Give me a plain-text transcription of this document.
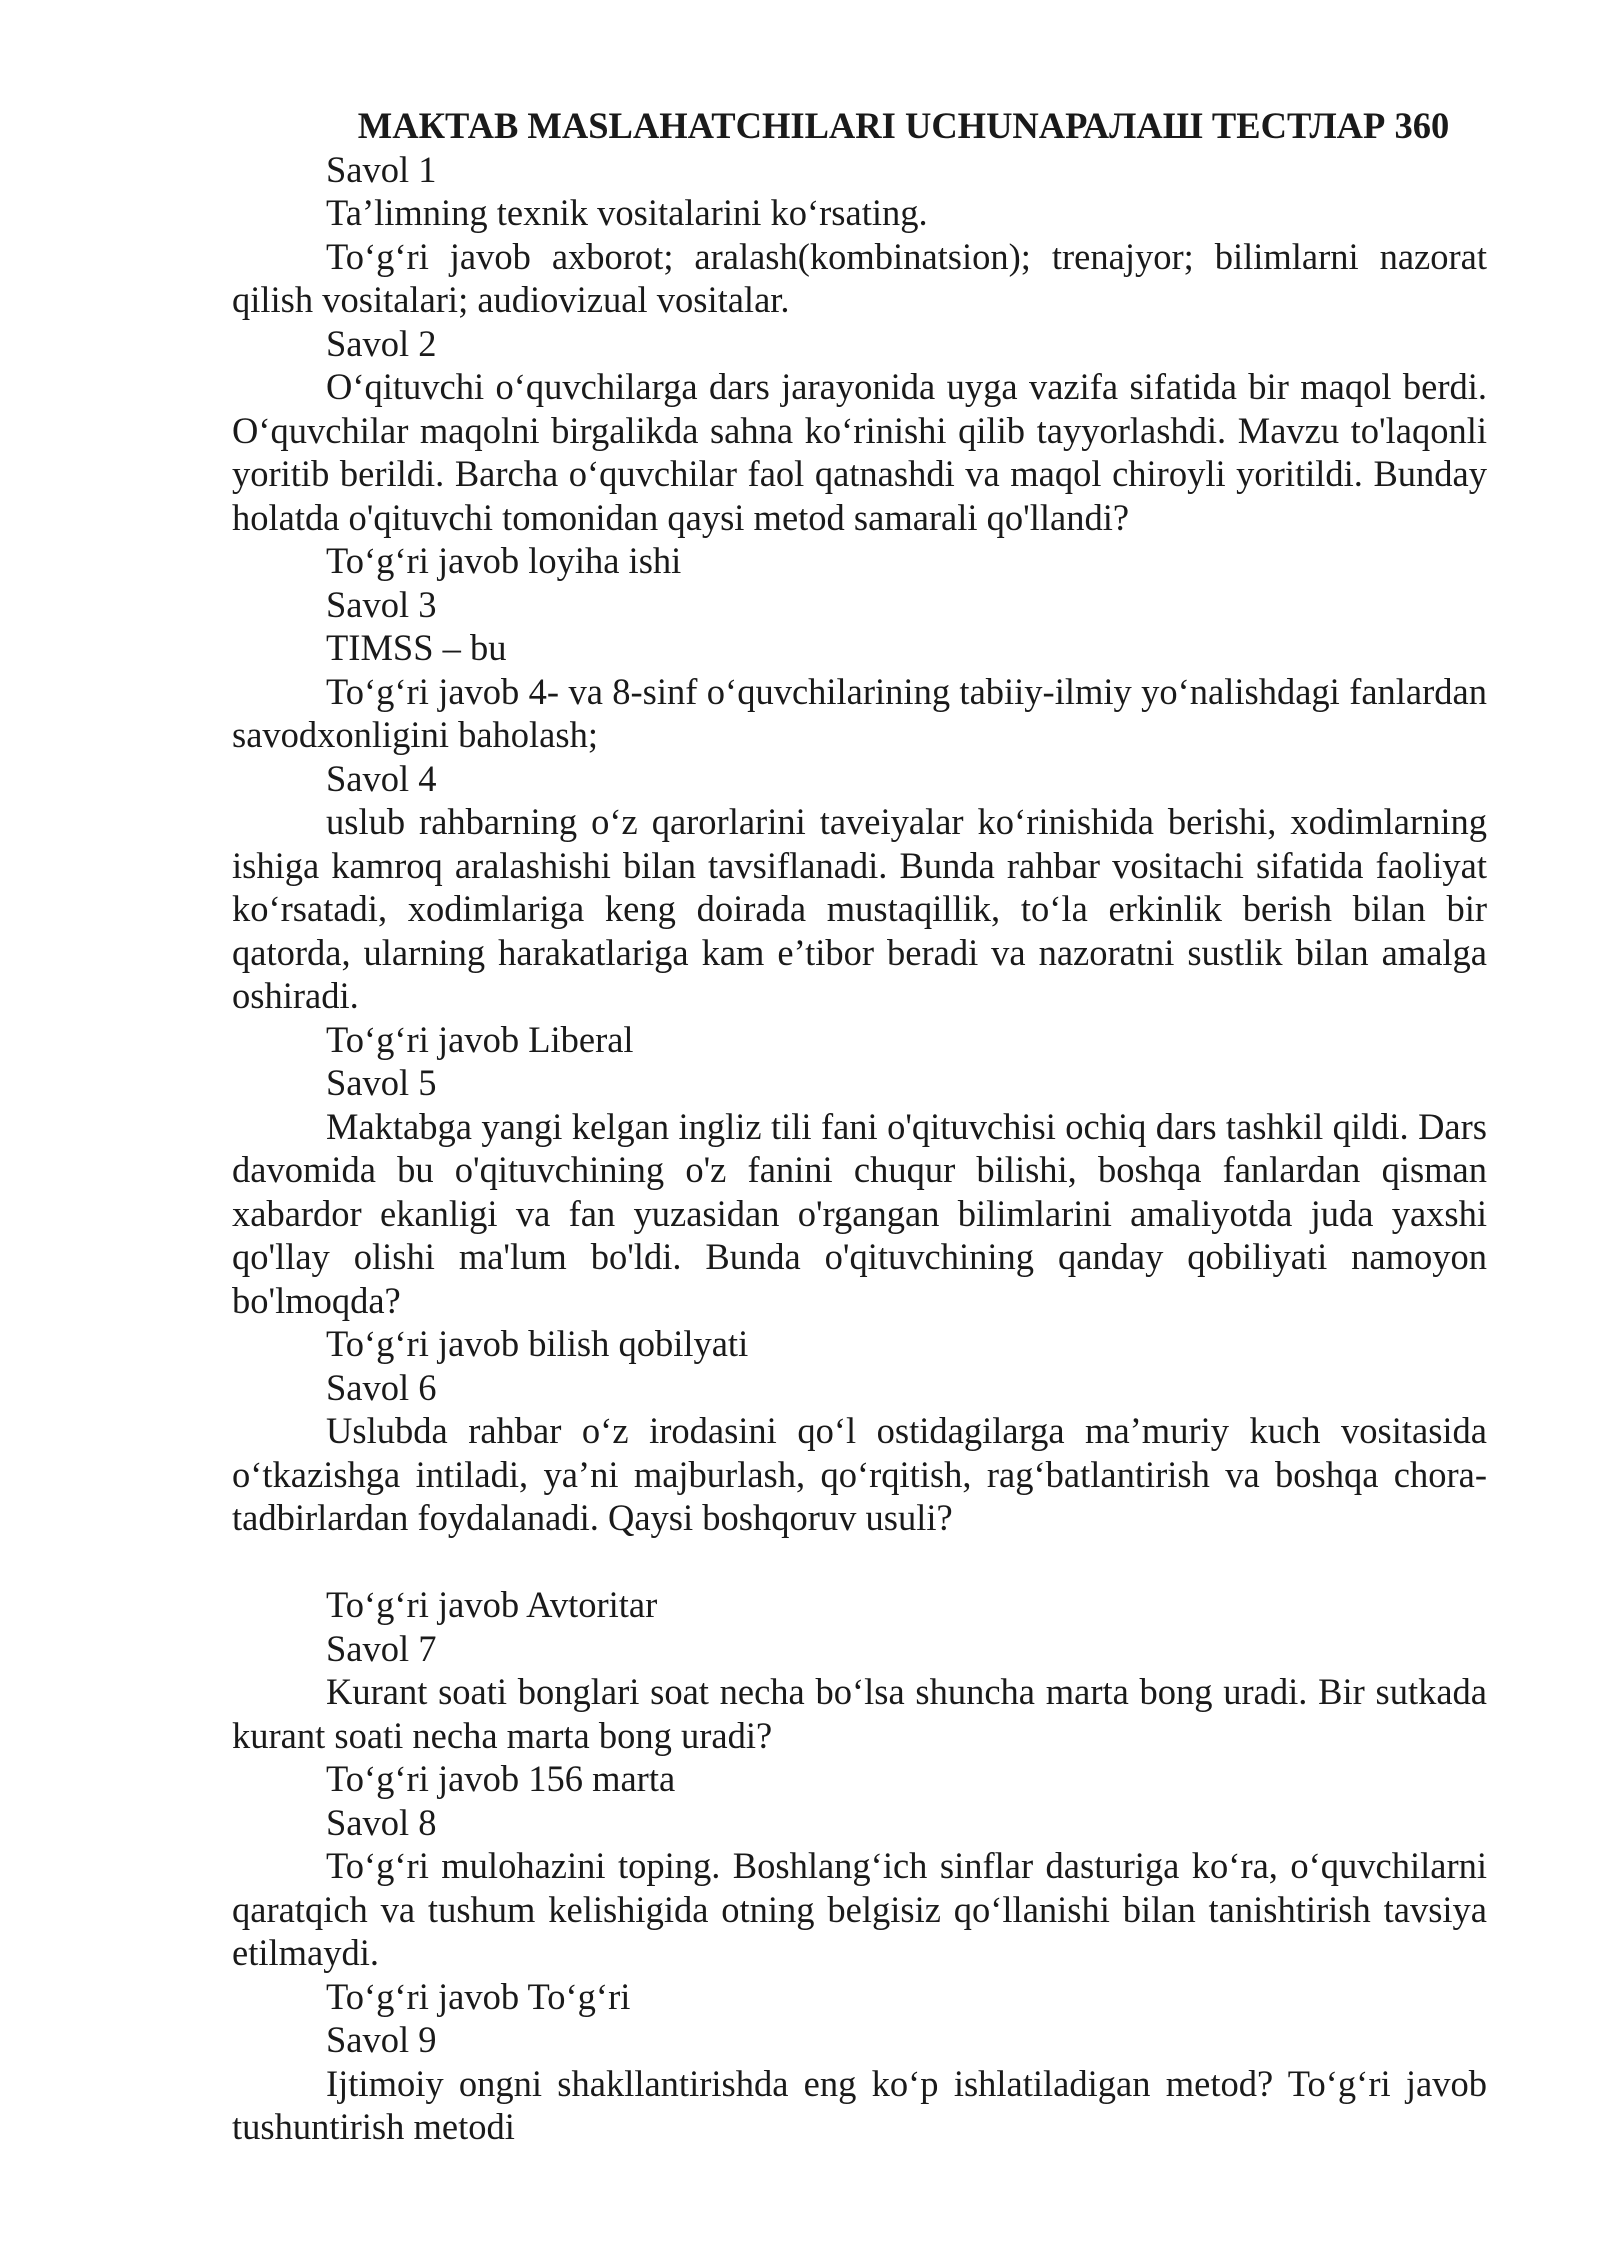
МАКТАВ MASLAHATCHILARI UCHUNАРАЛАШ ТЕСТЛАР 360

Savol 1

Ta’limning texnik vositalarini ko‘rsating.

To‘g‘ri javob axborot; aralash(kombinatsion); trenajyor; bilimlarni nazorat qilish vositalari; audiovizual vositalar.

Savol 2

O‘qituvchi o‘quvchilarga dars jarayonida uyga vazifa sifatida bir maqol berdi. O‘quvchilar maqolni birgalikda sahna ko‘rinishi qilib tayyorlashdi. Mavzu to'laqonli yoritib berildi. Barcha o‘quvchilar faol qatnashdi va maqol chiroyli yoritildi. Bunday holatda o'qituvchi tomonidan qaysi metod samarali qo'llandi?

To‘g‘ri javob loyiha ishi

Savol 3

TIMSS – bu

To‘g‘ri javob 4- va 8-sinf o‘quvchilarining tabiiy-ilmiy yo‘nalishdagi fanlardan savodxonligini baholash;

Savol 4

uslub rahbarning o‘z qarorlarini taveiyalar ko‘rinishida berishi, xodimlarning ishiga kamroq aralashishi bilan tavsiflanadi. Bunda rahbar vositachi sifatida faoliyat ko‘rsatadi, xodimlariga keng doirada mustaqillik, to‘la erkinlik berish bilan bir qatorda, ularning harakatlariga kam e’tibor beradi va nazoratni sustlik bilan amalga oshiradi.

To‘g‘ri javob Liberal

Savol 5

Maktabga yangi kelgan ingliz tili fani o'qituvchisi ochiq dars tashkil qildi. Dars davomida bu o'qituvchining o'z fanini chuqur bilishi, boshqa fanlardan qisman xabardor ekanligi va fan yuzasidan o'rgangan bilimlarini amaliyotda juda yaxshi qo'llay olishi ma'lum bo'ldi. Bunda o'qituvchining qanday qobiliyati namoyon bo'lmoqda?

To‘g‘ri javob bilish qobilyati

Savol 6

Uslubda rahbar o‘z irodasini qo‘l ostidagilarga ma’muriy kuch vositasida o‘tkazishga intiladi, ya’ni majburlash, qo‘rqitish, rag‘batlantirish va boshqa chora-tadbirlardan foydalanadi. Qaysi boshqoruv usuli?

To‘g‘ri javob Avtoritar

Savol 7

Kurant soati bonglari soat necha bo‘lsa shuncha marta bong uradi. Bir sutkada kurant soati necha marta bong uradi?

To‘g‘ri javob 156 marta

Savol 8

To‘g‘ri mulohazini toping. Boshlang‘ich sinflar dasturiga ko‘ra, o‘quvchilarni qaratqich va tushum kelishigida otning belgisiz qo‘llanishi bilan tanishtirish tavsiya etilmaydi.

To‘g‘ri javob To‘g‘ri

Savol 9

Ijtimoiy ongni shakllantirishda eng ko‘p ishlatiladigan metod? To‘g‘ri javob tushuntirish metodi
